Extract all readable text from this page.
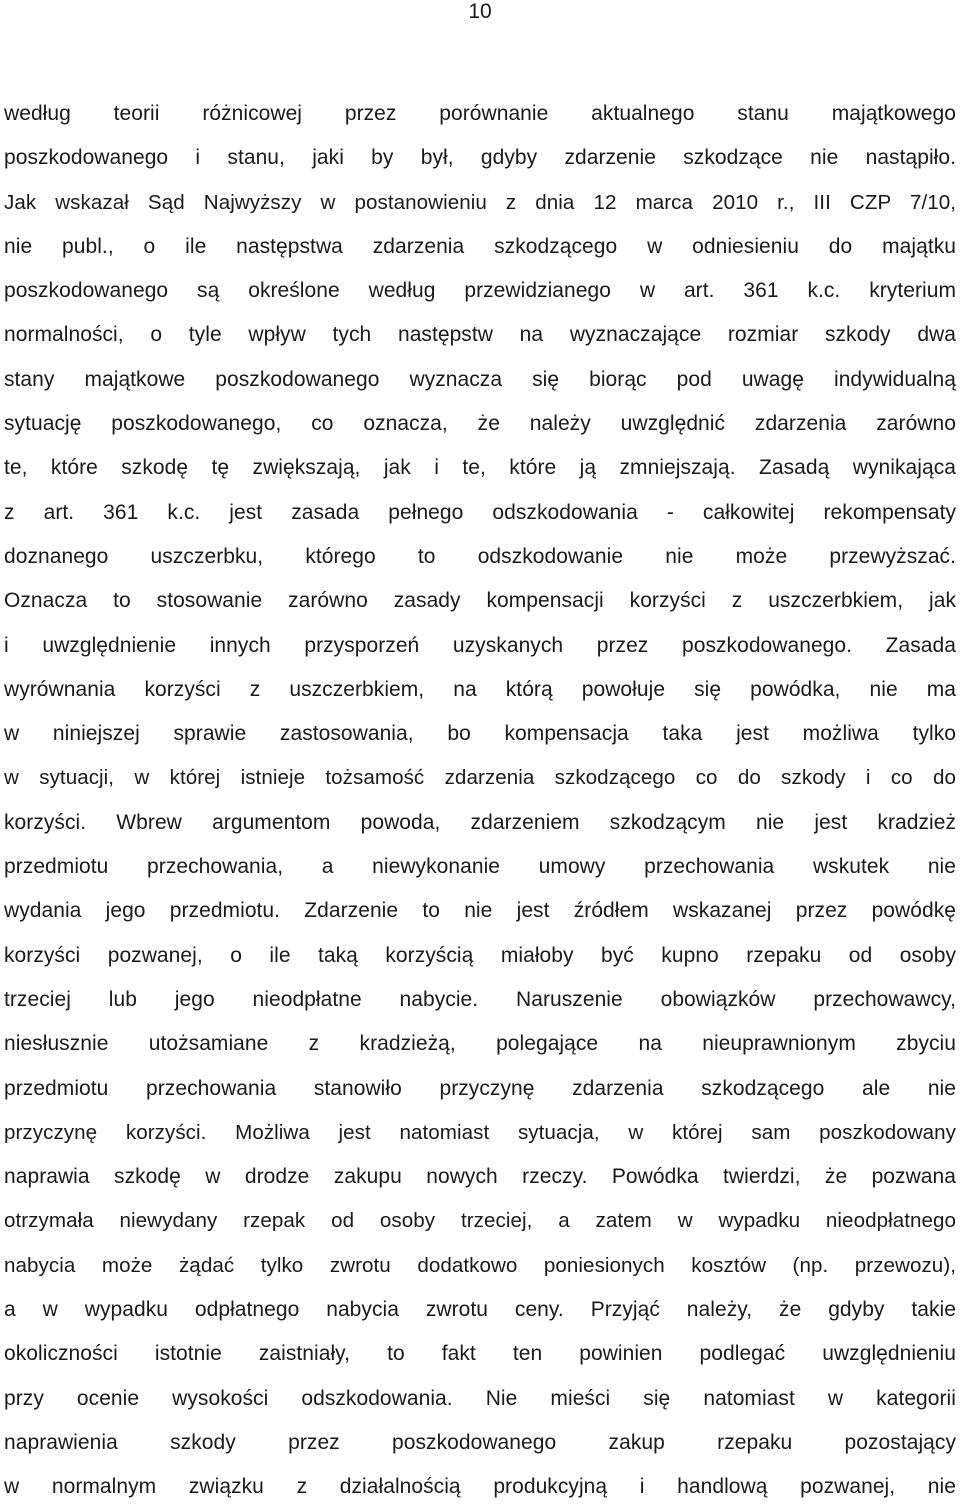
10
według teorii różnicowej przez porównanie aktualnego stanu majątkowego
poszkodowanego i stanu, jaki by był, gdyby zdarzenie szkodzące nie nastąpiło.
Jak wskazał Sąd Najwyższy w postanowieniu z dnia 12 marca 2010 r., III CZP 7/10,
nie publ., o ile następstwa zdarzenia szkodzącego w odniesieniu do majątku
poszkodowanego są określone według przewidzianego w art. 361 k.c. kryterium
normalności, o tyle wpływ tych następstw na wyznaczające rozmiar szkody dwa
stany majątkowe poszkodowanego wyznacza się biorąc pod uwagę indywidualną
sytuację poszkodowanego, co oznacza, że należy uwzględnić zdarzenia zarówno
te, które szkodę tę zwiększają, jak i te, które ją zmniejszają. Zasadą wynikająca
z art. 361 k.c. jest zasada pełnego odszkodowania - całkowitej rekompensaty
doznanego uszczerbku, którego to odszkodowanie nie może przewyższać.
Oznacza to stosowanie zarówno zasady kompensacji korzyści z uszczerbkiem, jak
i uwzględnienie innych przysporzeń uzyskanych przez poszkodowanego. Zasada
wyrównania korzyści z uszczerbkiem, na którą powołuje się powódka, nie ma
w niniejszej sprawie zastosowania, bo kompensacja taka jest możliwa tylko
w sytuacji, w której istnieje tożsamość zdarzenia szkodzącego co do szkody i co do
korzyści. Wbrew argumentom powoda, zdarzeniem szkodzącym nie jest kradzież
przedmiotu przechowania, a niewykonanie umowy przechowania wskutek nie
wydania jego przedmiotu. Zdarzenie to nie jest źródłem wskazanej przez powódkę
korzyści pozwanej, o ile taką korzyścią miałoby być kupno rzepaku od osoby
trzeciej lub jego nieodpłatne nabycie. Naruszenie obowiązków przechowawcy,
niesłusznie utożsamiane z kradzieżą, polegające na nieuprawnionym zbyciu
przedmiotu przechowania stanowiło przyczynę zdarzenia szkodzącego ale nie
przyczynę korzyści. Możliwa jest natomiast sytuacja, w której sam poszkodowany
naprawia szkodę w drodze zakupu nowych rzeczy. Powódka twierdzi, że pozwana
otrzymała niewydany rzepak od osoby trzeciej, a zatem w wypadku nieodpłatnego
nabycia może żądać tylko zwrotu dodatkowo poniesionych kosztów (np. przewozu),
a w wypadku odpłatnego nabycia zwrotu ceny. Przyjąć należy, że gdyby takie
okoliczności istotnie zaistniały, to fakt ten powinien podlegać uwzględnieniu
przy ocenie wysokości odszkodowania. Nie mieści się natomiast w kategorii
naprawienia szkody przez poszkodowanego zakup rzepaku pozostający
w normalnym związku z działalnością produkcyjną i handlową pozwanej, nie
